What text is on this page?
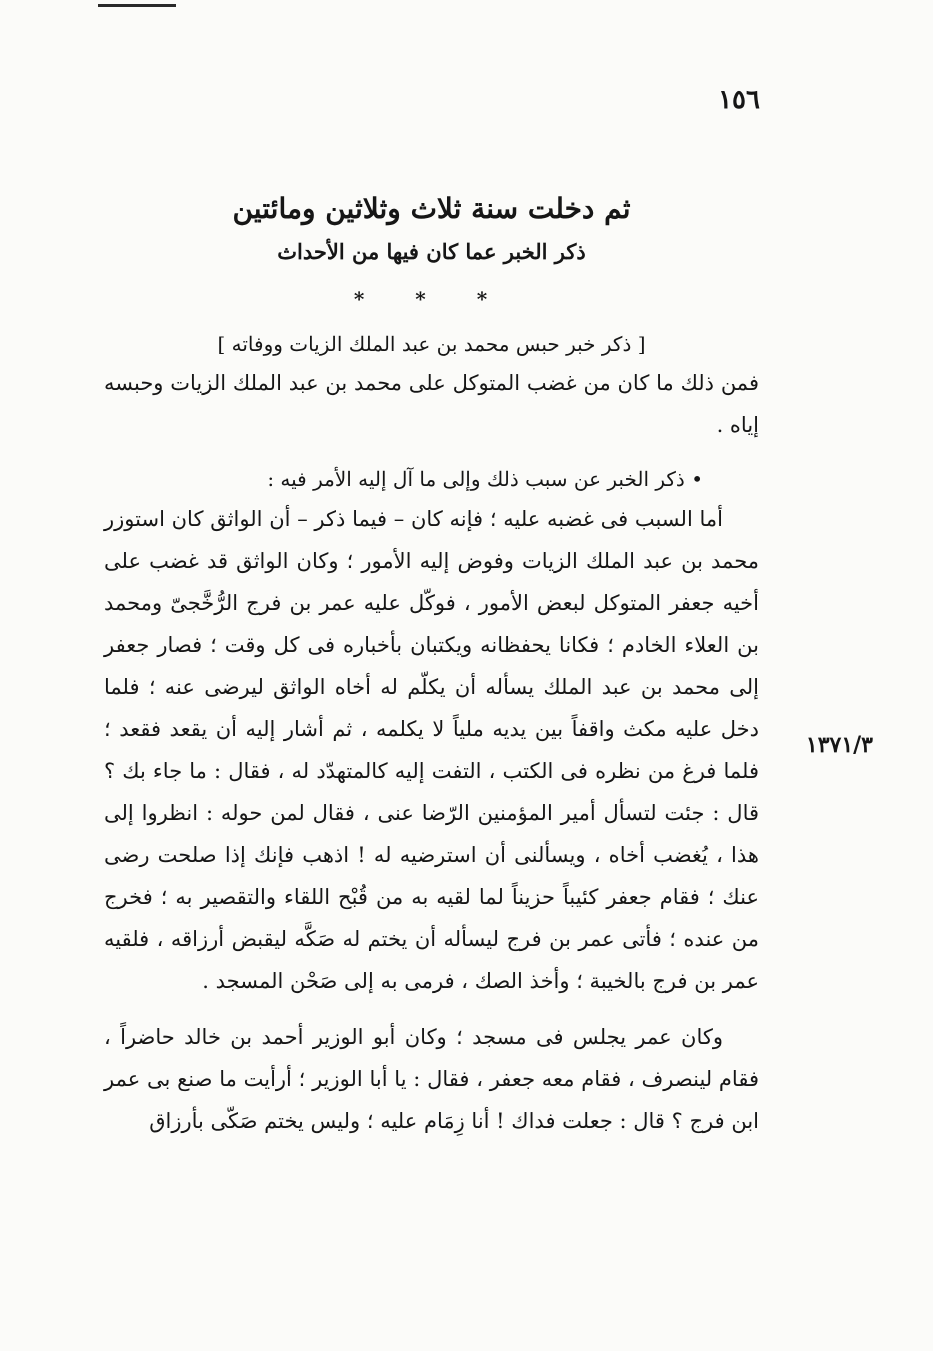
١٥٦
١٣٧١/٣
ثم دخلت سنة ثلاث وثلاثين ومائتين
ذكر الخبر عما كان فيها من الأحداث
* * *
[ ذكر خبر حبس محمد بن عبد الملك الزيات ووفاته ]

فمن ذلك ما كان من غضب المتوكل على محمد بن عبد الملك الزيات وحبسه إياه .

• ذكر الخبر عن سبب ذلك وإلى ما آل إليه الأمر فيه :

أما السبب فى غضبه عليه ؛ فإنه كان – فيما ذكر – أن الواثق كان استوزر محمد بن عبد الملك الزيات وفوض إليه الأمور ؛ وكان الواثق قد غضب على أخيه جعفر المتوكل لبعض الأمور ، فوكّل عليه عمر بن فرج الرُّخَّجىّ ومحمد بن العلاء الخادم ؛ فكانا يحفظانه ويكتبان بأخباره فى كل وقت ؛ فصار جعفر إلى محمد بن عبد الملك يسأله أن يكلّم له أخاه الواثق ليرضى عنه ؛ فلما دخل عليه مكث واقفاً بين يديه ملياً لا يكلمه ، ثم أشار إليه أن يقعد فقعد ؛ فلما فرغ من نظره فى الكتب ، التفت إليه كالمتهدّد له ، فقال : ما جاء بك ؟ قال : جئت لتسأل أمير المؤمنين الرّضا عنى ، فقال لمن حوله : انظروا إلى هذا ، يُغضب أخاه ، ويسألنى أن استرضيه له ! اذهب فإنك إذا صلحت رضى عنك ؛ فقام جعفر كئيباً حزيناً لما لقيه به من قُبْح اللقاء والتقصير به ؛ فخرج من عنده ؛ فأتى عمر بن فرج ليسأله أن يختم له صَكَّه ليقبض أرزاقه ، فلقيه عمر بن فرج بالخيبة ؛ وأخذ الصك ، فرمى به إلى صَحْن المسجد .

وكان عمر يجلس فى مسجد ؛ وكان أبو الوزير أحمد بن خالد حاضراً ، فقام لينصرف ، فقام معه جعفر ، فقال : يا أبا الوزير ؛ أرأيت ما صنع بى عمر ابن فرج ؟ قال : جعلت فداك ! أنا زِمَام عليه ؛ وليس يختم صَكّى بأرزاق
